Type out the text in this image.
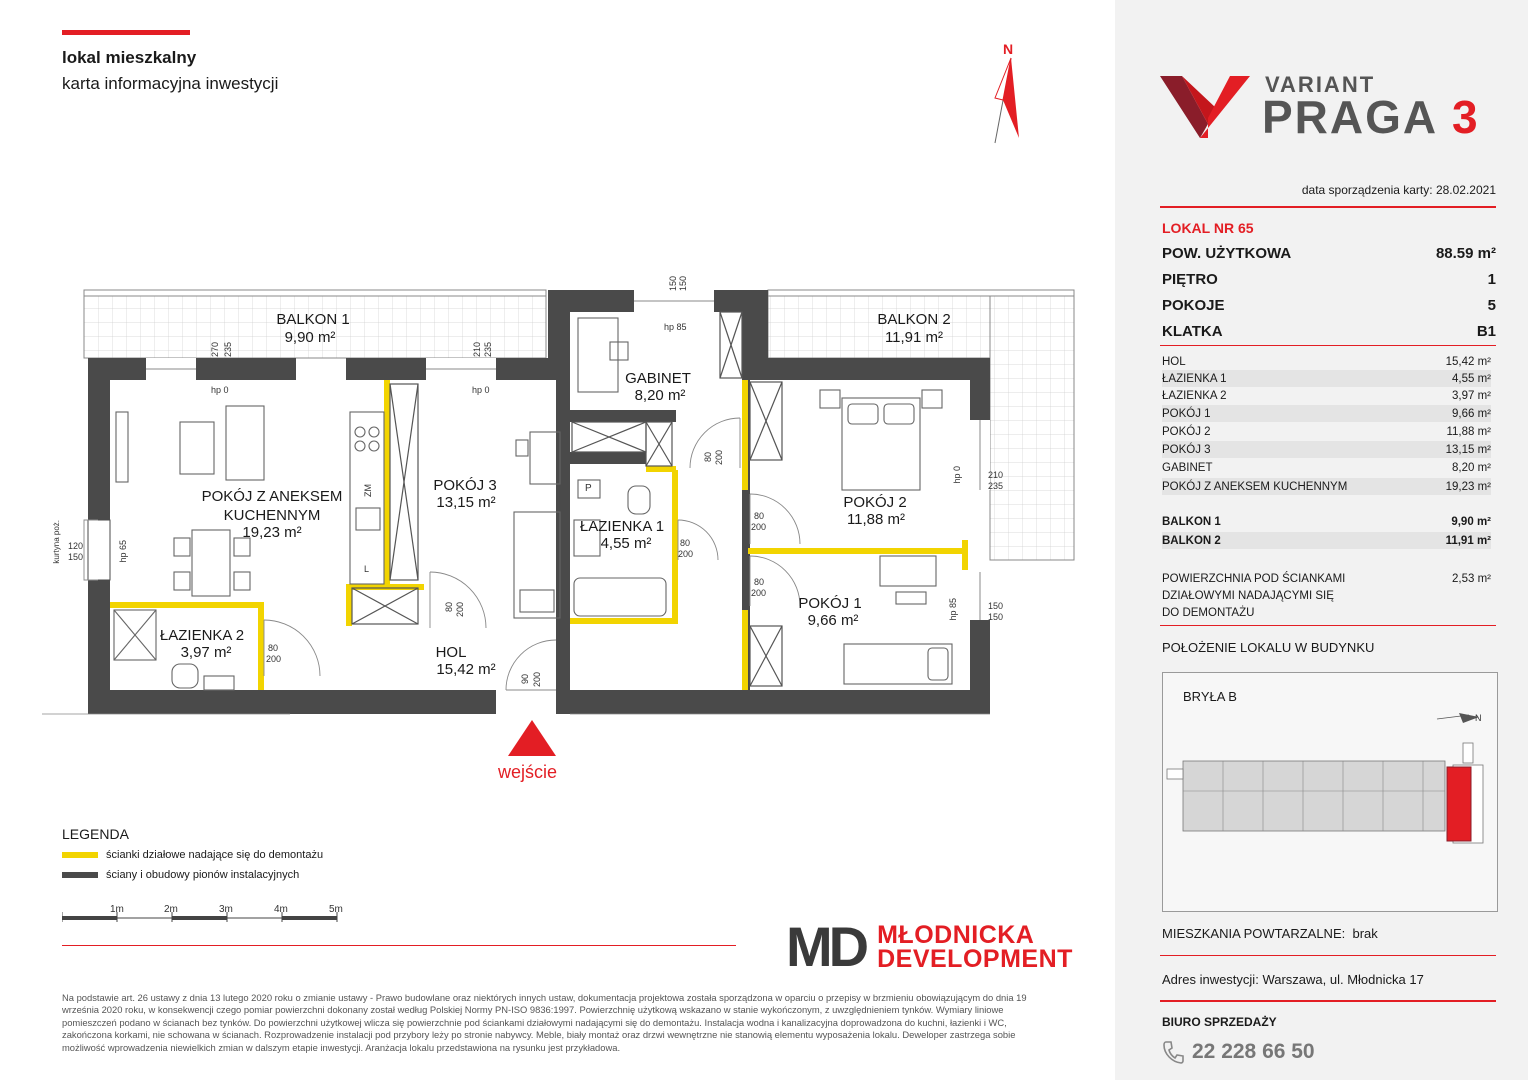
lokal mieszkalny
karta informacyjna inwestycji
N
BALKON 1
9,90 m²
BALKON 2
11,91 m²
GABINET
8,20 m²
POKÓJ Z ANEKSEM
KUCHENNYM
19,23 m²
POKÓJ 3
13,15 m²
ŁAZIENKA 1
4,55 m²
POKÓJ 2
11,88 m²
POKÓJ 1
9,66 m²
ŁAZIENKA 2
3,97 m²	HOL
15,42 m²
ZM
L
P
270 235	210 235
150 150
hp 0	hp 0
hp 85
hp 0	210
235
hp 85	150
150
kurtyna poż. 120
150	hp 65
80
200
80 200
90 200
80 200
80
200
80
200
80
200
wejście
LEGENDA
ścianki działowe nadające się do demontażu
ściany i obudowy pionów instalacyjnych
1m	2m	3m	4m	5m
MD MŁODNICKA
DEVELOPMENT
Na podstawie art. 26 ustawy z dnia 13 lutego 2020 roku o zmianie ustawy - Prawo budowlane oraz niektórych innych ustaw, dokumentacja projektowa została sporządzona w oparciu o przepisy w brzmieniu obowiązującym do dnia 19 września 2020 roku, w konsekwencji czego pomiar powierzchni dokonany został według Polskiej Normy PN-ISO 9836:1997. Powierzchnię użytkową wskazano w stanie wykończonym, z uwzględnieniem tynków. Wymiary liniowe pomieszczeń podano w ścianach bez tynków. Do powierzchni użytkowej wlicza się powierzchnie pod ściankami działowymi nadającymi się do demontażu. Instalacja wodna i kanalizacyjna doprowadzona do kuchni, łazienki i WC, zakończona korkami, nie schowana w ścianach. Rozprowadzenie instalacji pod przybory leży po stronie nabywcy. Meble, biały montaż oraz drzwi wewnętrzne nie stanowią elementu wyposażenia lokalu. Deweloper zastrzega sobie możliwość wprowadzenia niewielkich zmian w dalszym etapie inwestycji. Aranżacja lokalu przedstawiona na rysunku jest przykładowa.
VARIANT
PRAGA 3
data sporządzenia karty: 28.02.2021
LOKAL NR 65
POW. UŻYTKOWA	88.59 m²
PIĘTRO	1
POKOJE	5
KLATKA	B1
HOL	15,42 m²
ŁAZIENKA 1	4,55 m²
ŁAZIENKA 2	3,97 m²
POKÓJ 1	9,66 m²
POKÓJ 2	11,88 m²
POKÓJ 3	13,15 m²
GABINET	8,20 m²
POKÓJ Z ANEKSEM KUCHENNYM	19,23 m²
BALKON 1	9,90 m²
BALKON 2	11,91 m²
POWIERZCHNIA POD ŚCIANKAMI	2,53 m²
DZIAŁOWYMI NADAJĄCYMI SIĘ
DO DEMONTAŻU
POŁOŻENIE LOKALU W BUDYNKU
N
BRYŁA B
MIESZKANIA POWTARZALNE: brak
Adres inwestycji: Warszawa, ul. Młodnicka 17
BIURO SPRZEDAŻY
22 228 66 50
